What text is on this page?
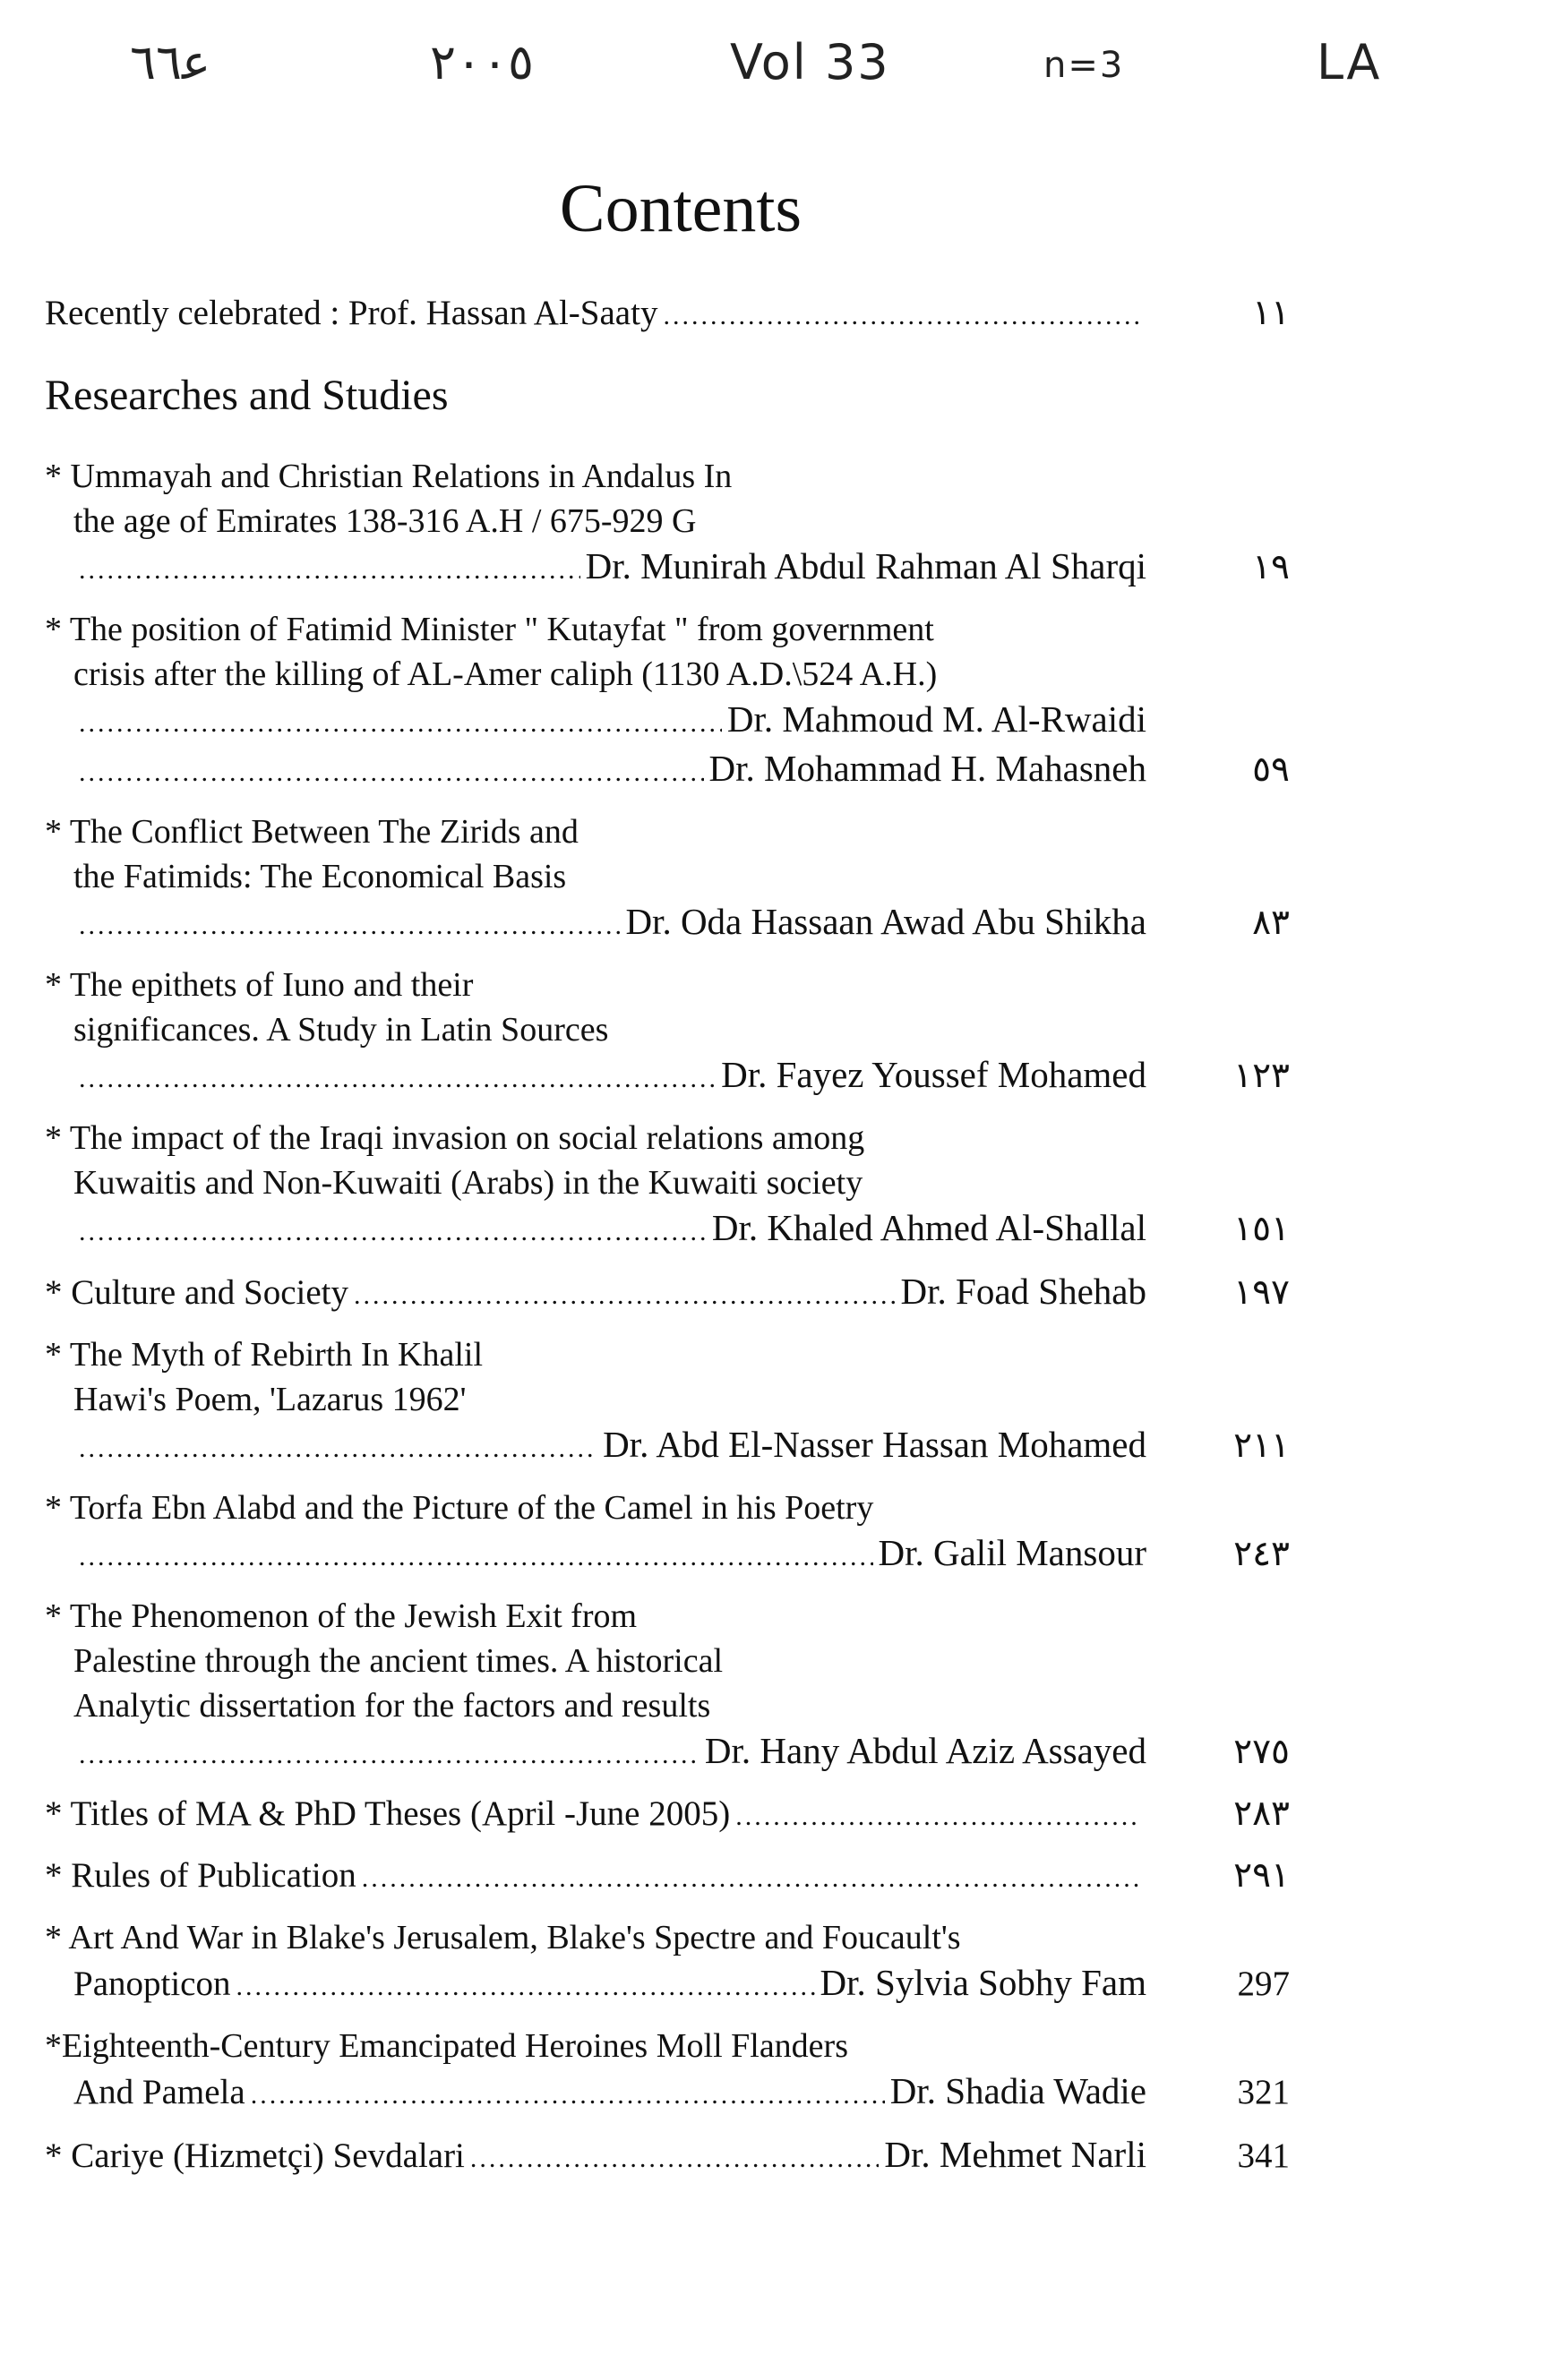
ﻋ٦٦	٢٠٠٥	Vol 33	n=3	LA
Contents
Recently celebrated : Prof. Hassan Al-Saaty .....	١١
Researches and Studies
* Ummayah and Christian Relations in Andalus In
the age of Emirates 138-316 A.H / 675-929 G
.....
Dr. Munirah Abdul Rahman Al Sharqi	١٩
* The position of Fatimid Minister " Kutayfat " from government
crisis after the killing of AL-Amer caliph (1130 A.D.\524 A.H.)
.....
Dr. Mahmoud M. Al-Rwaidi
.....
Dr. Mohammad H. Mahasneh	٥٩
* The Conflict Between The Zirids and
the Fatimids: The Economical Basis
.....
Dr. Oda Hassaan Awad Abu Shikha	٨٣
* The epithets of Iuno and their
significances. A Study in Latin Sources
.....
Dr. Fayez Youssef Mohamed	١٢٣
* The impact of the Iraqi invasion on social relations among
Kuwaitis and Non-Kuwaiti (Arabs) in the Kuwaiti society
.....
Dr. Khaled Ahmed Al-Shallal	١٥١
* Culture and Society .....	Dr. Foad Shehab	١٩٧
* The Myth of Rebirth In Khalil
Hawi's Poem, 'Lazarus 1962'
.....
Dr. Abd El-Nasser Hassan Mohamed	٢١١
* Torfa Ebn Alabd and the Picture of the Camel in his Poetry
.....
Dr. Galil Mansour	٢٤٣
* The Phenomenon of the Jewish Exit from
Palestine through the ancient times. A historical
Analytic dissertation for the factors and results
.....
Dr. Hany Abdul Aziz Assayed	٢٧٥
* Titles of MA & PhD Theses (April -June 2005) .....	٢٨٣
* Rules of Publication .....	٢٩١
* Art And War in Blake's Jerusalem, Blake's Spectre and Foucault's
Panopticon .....	Dr. Sylvia Sobhy Fam	297
*Eighteenth-Century Emancipated Heroines Moll Flanders
And Pamela .....	Dr. Shadia Wadie	321
* Cariye (Hizmetçi) Sevdalari .....	Dr. Mehmet Narli	341
